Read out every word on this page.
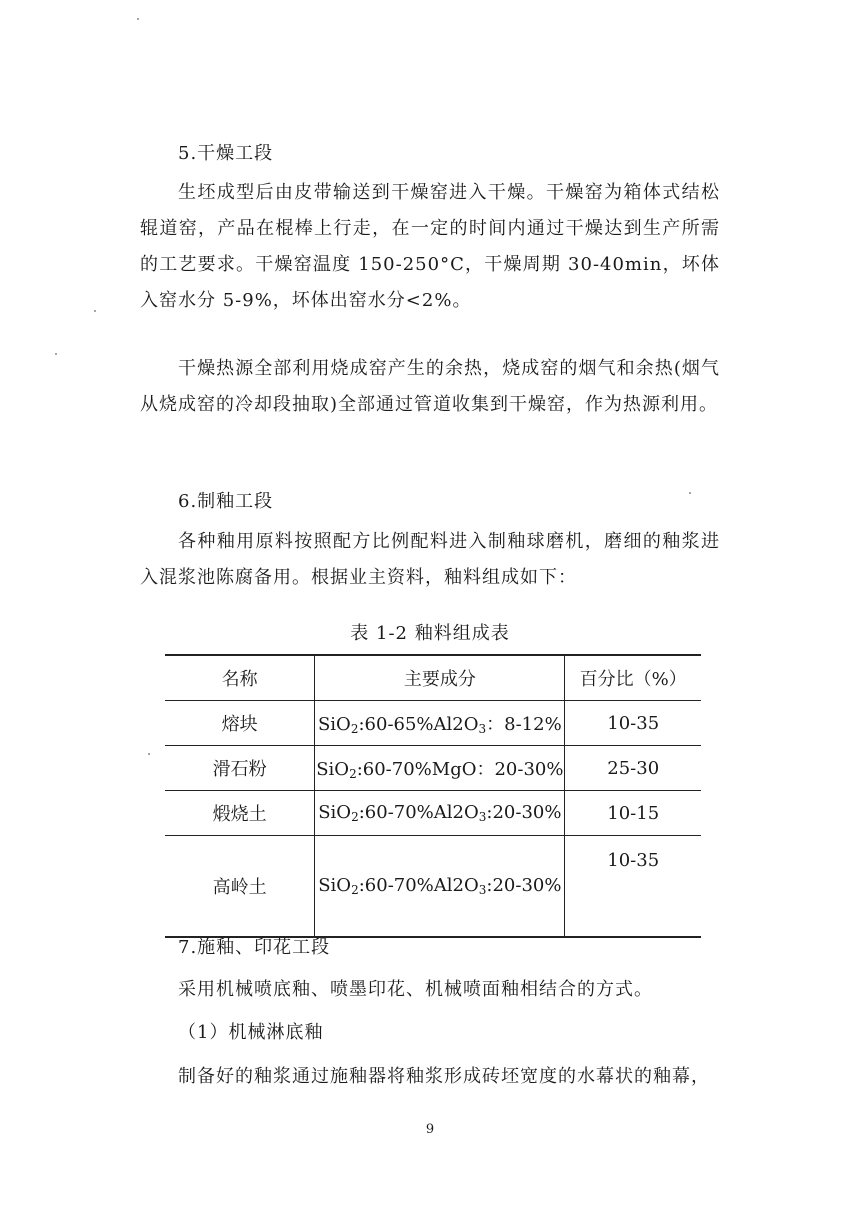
5.干燥工段

生坯成型后由皮带输送到干燥窑进入干燥。干燥窑为箱体式结松辊道窑，产品在棍棒上行走，在一定的时间内通过干燥达到生产所需的工艺要求。干燥窑温度 150-250°C，干燥周期 30-40min，坏体入窑水分 5-9%，坏体出窑水分<2%。

干燥热源全部利用烧成窑产生的余热，烧成窑的烟气和余热(烟气从烧成窑的冷却段抽取)全部通过管道收集到干燥窑，作为热源利用。

6.制釉工段

各种釉用原料按照配方比例配料进入制釉球磨机，磨细的釉浆进入混浆池陈腐备用。根据业主资料，釉料组成如下：

表 1-2 釉料组成表
名称	主要成分	百分比（%）
熔块	$SiO_2:60-65\%Al2O_3$：8-12%	10-35
滑石粉	SiO$_2$:60-70%MgO：20-30%	25-30
煅烧土	$SiO_2:60-70\%Al2O_3:20-30\%$	10-15
高岭土	$SiO_2:60-70\%Al2O_3:20-30\%$	10-35

7.施釉、印花工段

采用机械喷底釉、喷墨印花、机械喷面釉相结合的方式。

（1）机械淋底釉

制备好的釉浆通过施釉器将釉浆形成砖坯宽度的水幕状的釉幕，

9
